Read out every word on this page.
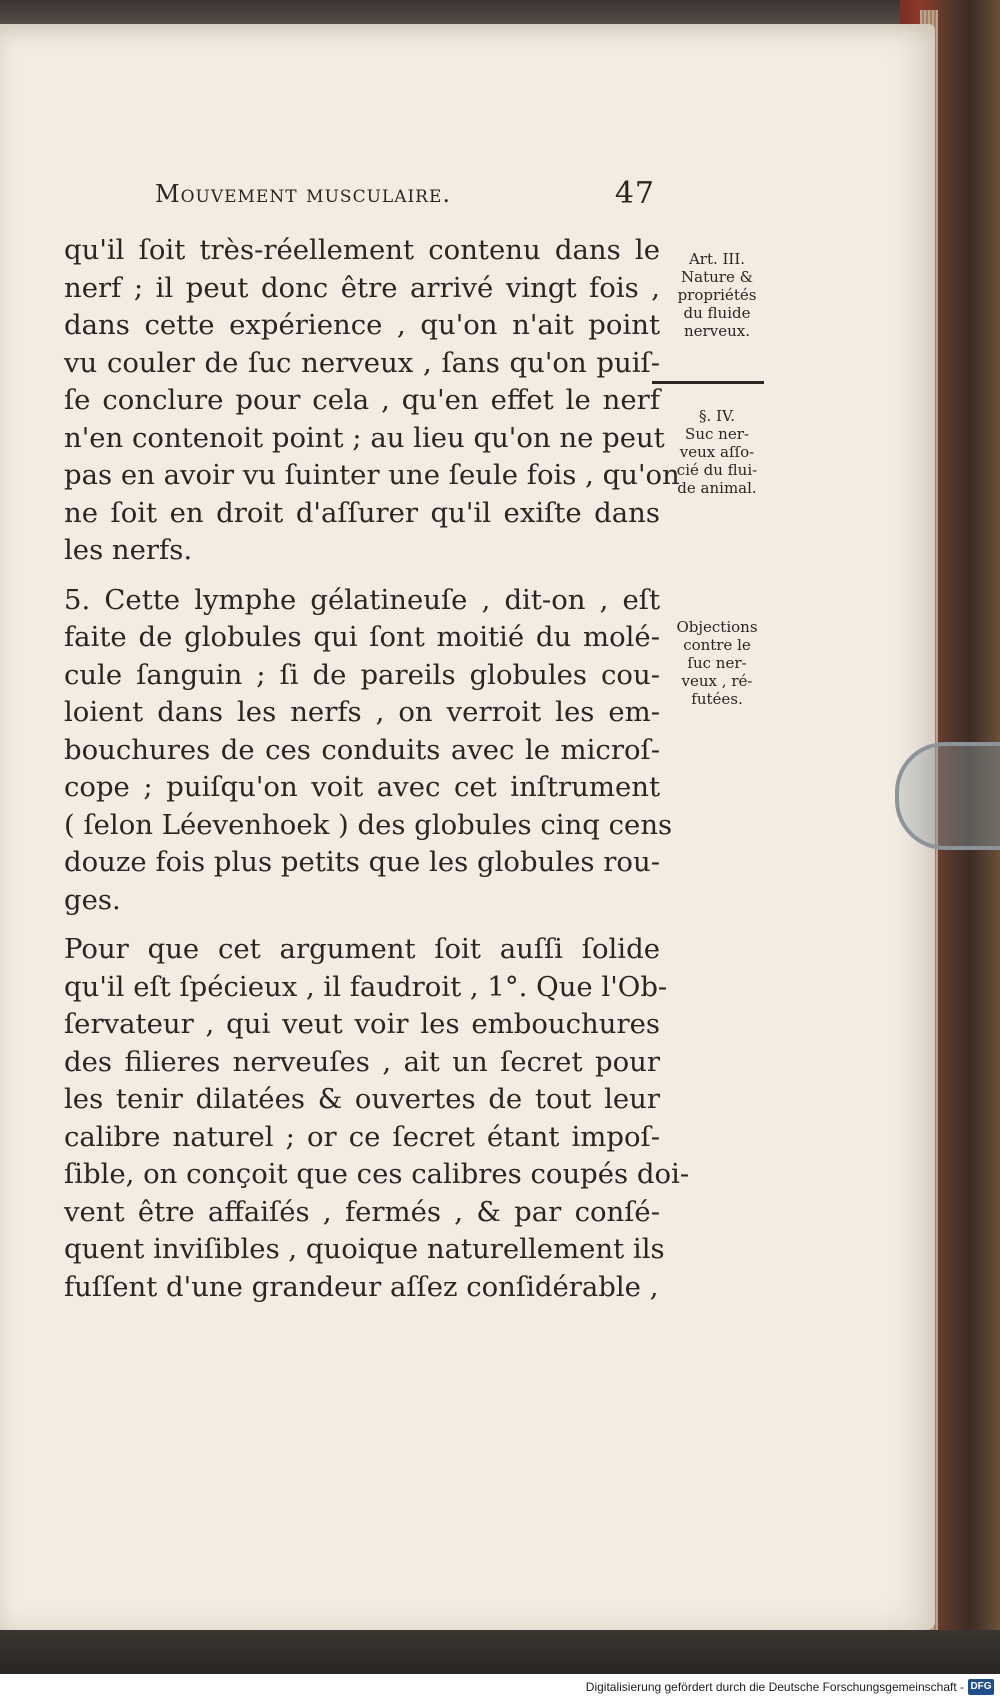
Mouvement musculaire.	47
qu'il ſoit très-réellement contenu dans le
nerf ; il peut donc être arrivé vingt fois ,
dans cette expérience , qu'on n'ait point
vu couler de ſuc nerveux , ſans qu'on puiſ-
ſe conclure pour cela , qu'en effet le nerf
n'en contenoit point ; au lieu qu'on ne peut
pas en avoir vu ſuinter une ſeule fois , qu'on
ne ſoit en droit d'aſſurer qu'il exiſte dans
les nerfs.
5. Cette lymphe gélatineuſe , dit-on , eſt
faite de globules qui ſont moitié du molé-
cule ſanguin ; ſi de pareils globules cou-
loient dans les nerfs , on verroit les em-
bouchures de ces conduits avec le microſ-
cope ; puiſqu'on voit avec cet inſtrument
( ſelon Léevenhoek ) des globules cinq cens
douze fois plus petits que les globules rou-
ges.
Pour que cet argument ſoit auſſi ſolide
qu'il eſt ſpécieux , il faudroit , 1°. Que l'Ob-
ſervateur , qui veut voir les embouchures
des filieres nerveuſes , ait un ſecret pour
les tenir dilatées & ouvertes de tout leur
calibre naturel ; or ce ſecret étant impoſ-
ſible, on conçoit que ces calibres coupés doi-
vent être affaiſés , fermés , & par conſé-
quent inviſibles , quoique naturellement ils
fuſſent d'une grandeur aſſez conſidérable ,
Art. III.
Nature &
propriétés
du fluide
nerveux.
§. IV.
Suc ner-
veux aſſo-
cié du flui-
de animal.
Objections
contre le
ſuc ner-
veux , ré-
futées.
Digitalisierung gefördert durch die Deutsche Forschungsgemeinschaft - DFG
